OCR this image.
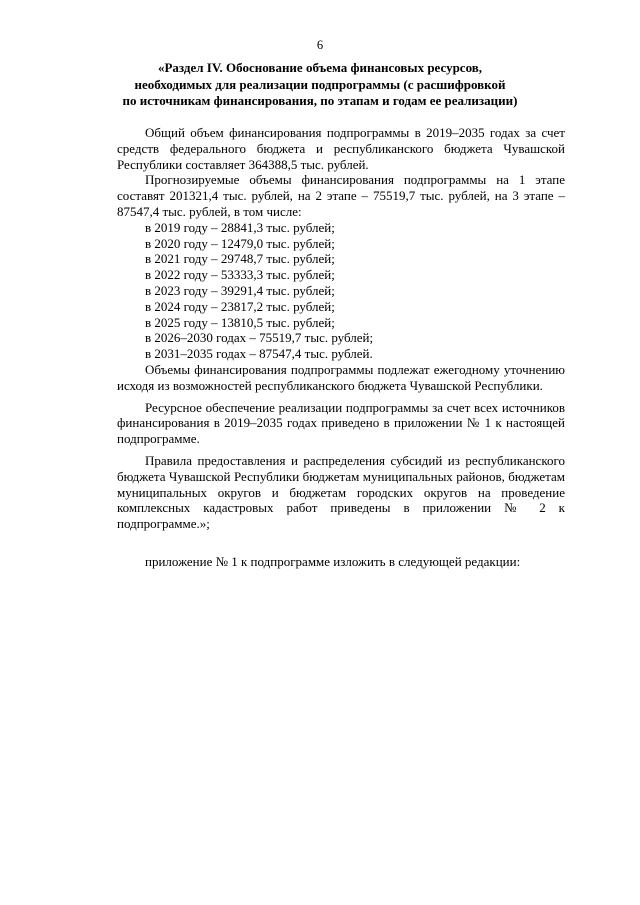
6
«Раздел IV. Обоснование объема финансовых ресурсов,
необходимых для реализации подпрограммы (с расшифровкой
по источникам финансирования, по этапам и годам ее реализации)

Общий объем финансирования подпрограммы в 2019–2035 годах за счет средств федерального бюджета и республиканского бюджета Чувашской Республики составляет 364388,5 тыс. рублей.

Прогнозируемые объемы финансирования подпрограммы на 1 этапе составят 201321,4 тыс. рублей, на 2 этапе – 75519,7 тыс. рублей, на 3 этапе – 87547,4 тыс. рублей, в том числе:

в 2019 году – 28841,3 тыс. рублей;
в 2020 году – 12479,0 тыс. рублей;
в 2021 году – 29748,7 тыс. рублей;
в 2022 году – 53333,3 тыс. рублей;
в 2023 году – 39291,4 тыс. рублей;
в 2024 году – 23817,2 тыс. рублей;
в 2025 году – 13810,5 тыс. рублей;
в 2026–2030 годах – 75519,7 тыс. рублей;
в 2031–2035 годах – 87547,4 тыс. рублей.

Объемы финансирования подпрограммы подлежат ежегодному уточнению исходя из возможностей республиканского бюджета Чувашской Республики.

Ресурсное обеспечение реализации подпрограммы за счет всех источников финансирования в 2019–2035 годах приведено в приложении № 1 к настоящей подпрограмме.

Правила предоставления и распределения субсидий из республиканского бюджета Чувашской Республики бюджетам муниципальных районов, бюджетам муниципальных округов и бюджетам городских округов на проведение комплексных кадастровых работ приведены в приложении № 2 к подпрограмме.»;

приложение № 1 к подпрограмме изложить в следующей редакции:
